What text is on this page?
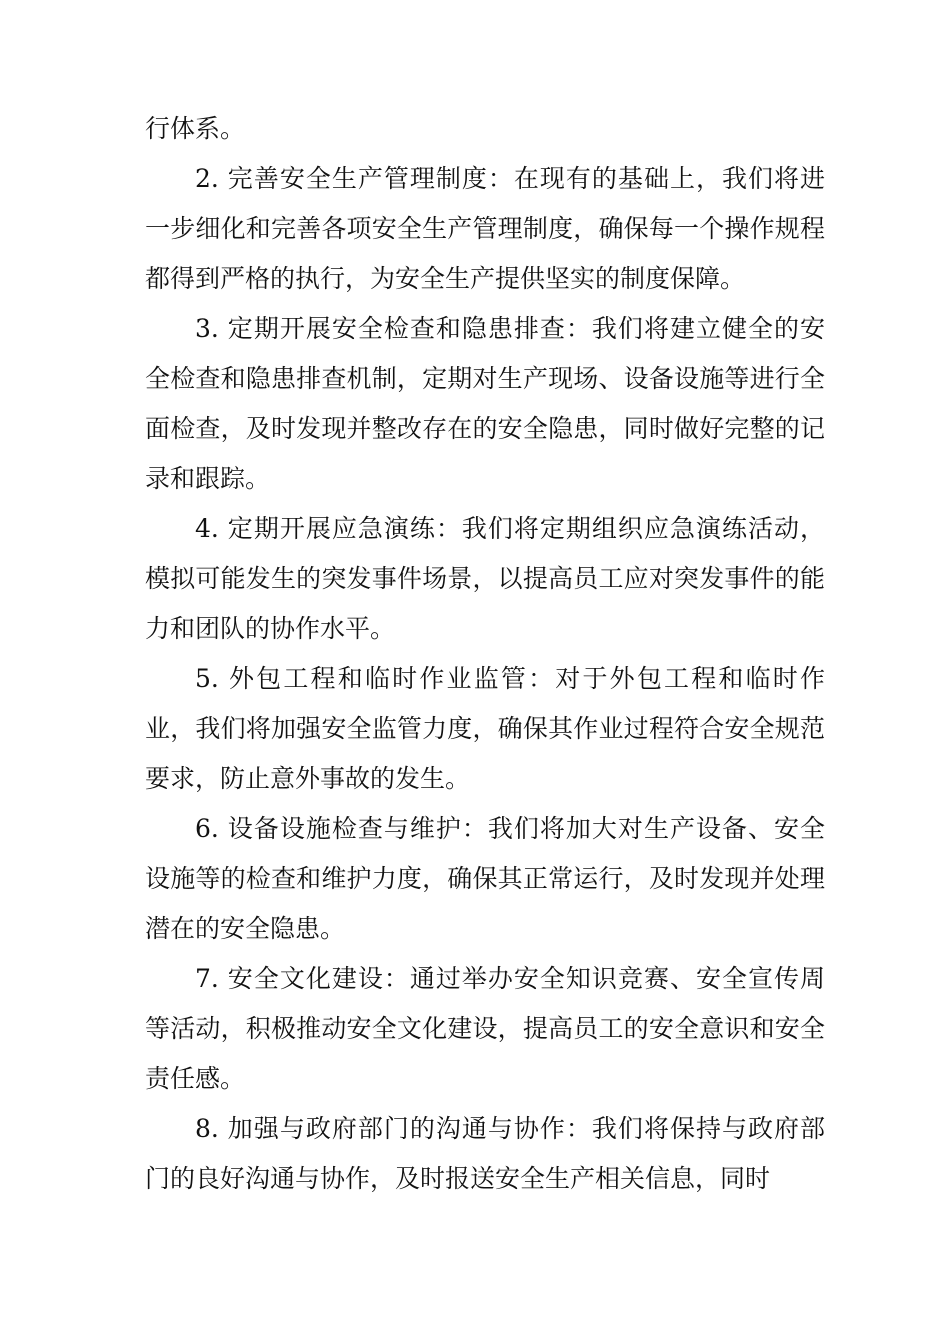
行体系。

2. 完善安全生产管理制度：在现有的基础上，我们将进一步细化和完善各项安全生产管理制度，确保每一个操作规程都得到严格的执行，为安全生产提供坚实的制度保障。

3. 定期开展安全检查和隐患排查：我们将建立健全的安全检查和隐患排查机制，定期对生产现场、设备设施等进行全面检查，及时发现并整改存在的安全隐患，同时做好完整的记录和跟踪。

4. 定期开展应急演练：我们将定期组织应急演练活动，模拟可能发生的突发事件场景，以提高员工应对突发事件的能力和团队的协作水平。

5. 外包工程和临时作业监管：对于外包工程和临时作业，我们将加强安全监管力度，确保其作业过程符合安全规范要求，防止意外事故的发生。

6. 设备设施检查与维护：我们将加大对生产设备、安全设施等的检查和维护力度，确保其正常运行，及时发现并处理潜在的安全隐患。

7. 安全文化建设：通过举办安全知识竞赛、安全宣传周等活动，积极推动安全文化建设，提高员工的安全意识和安全责任感。

8. 加强与政府部门的沟通与协作：我们将保持与政府部门的良好沟通与协作，及时报送安全生产相关信息，同时
